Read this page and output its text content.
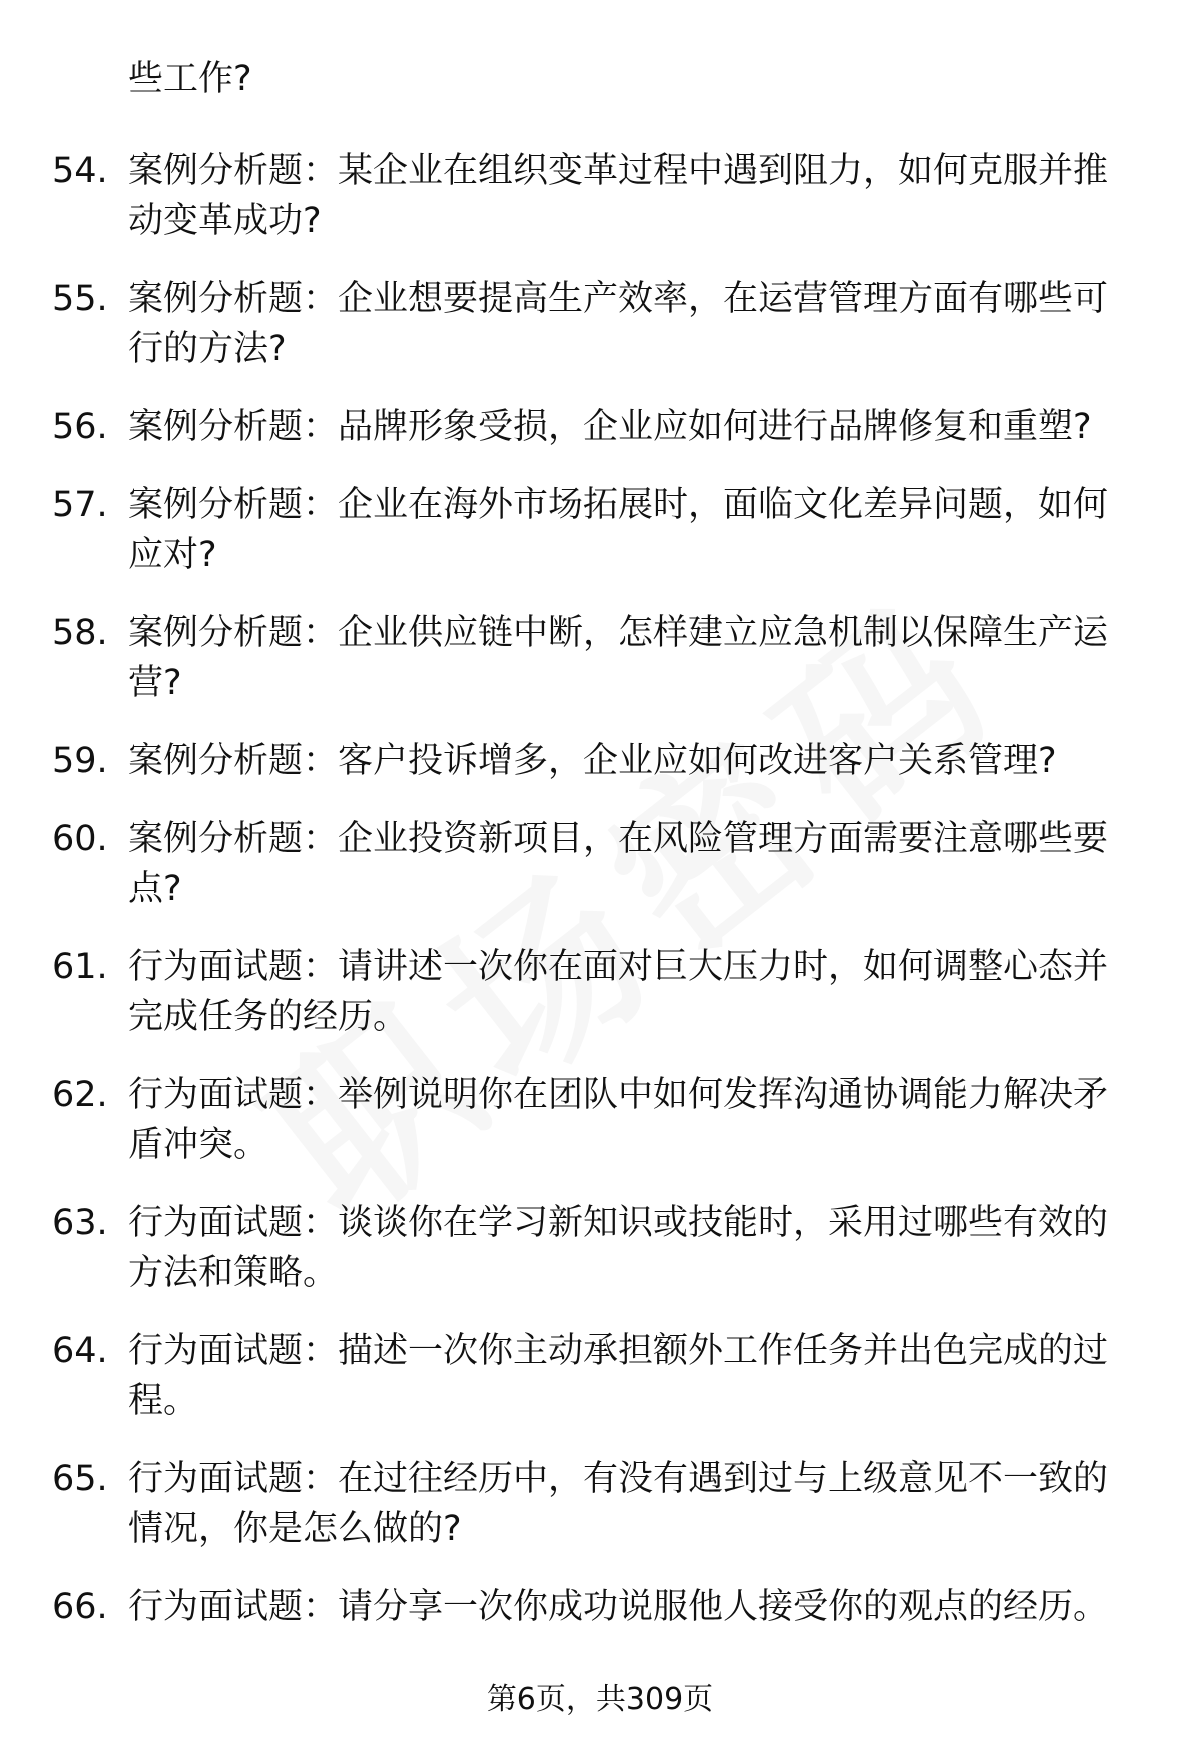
些工作?
54. 案例分析题：某企业在组织变革过程中遇到阻力，如何克服并推动变革成功?
55. 案例分析题：企业想要提高生产效率，在运营管理方面有哪些可行的方法?
56. 案例分析题：品牌形象受损，企业应如何进行品牌修复和重塑?
57. 案例分析题：企业在海外市场拓展时，面临文化差异问题，如何应对?
58. 案例分析题：企业供应链中断，怎样建立应急机制以保障生产运营?
59. 案例分析题：客户投诉增多，企业应如何改进客户关系管理?
60. 案例分析题：企业投资新项目，在风险管理方面需要注意哪些要点?
61. 行为面试题：请讲述一次你在面对巨大压力时，如何调整心态并完成任务的经历。
62. 行为面试题：举例说明你在团队中如何发挥沟通协调能力解决矛盾冲突。
63. 行为面试题：谈谈你在学习新知识或技能时，采用过哪些有效的方法和策略。
64. 行为面试题：描述一次你主动承担额外工作任务并出色完成的过程。
65. 行为面试题：在过往经历中，有没有遇到过与上级意见不一致的情况，你是怎么做的?
66. 行为面试题：请分享一次你成功说服他人接受你的观点的经历。
第6页，共309页
